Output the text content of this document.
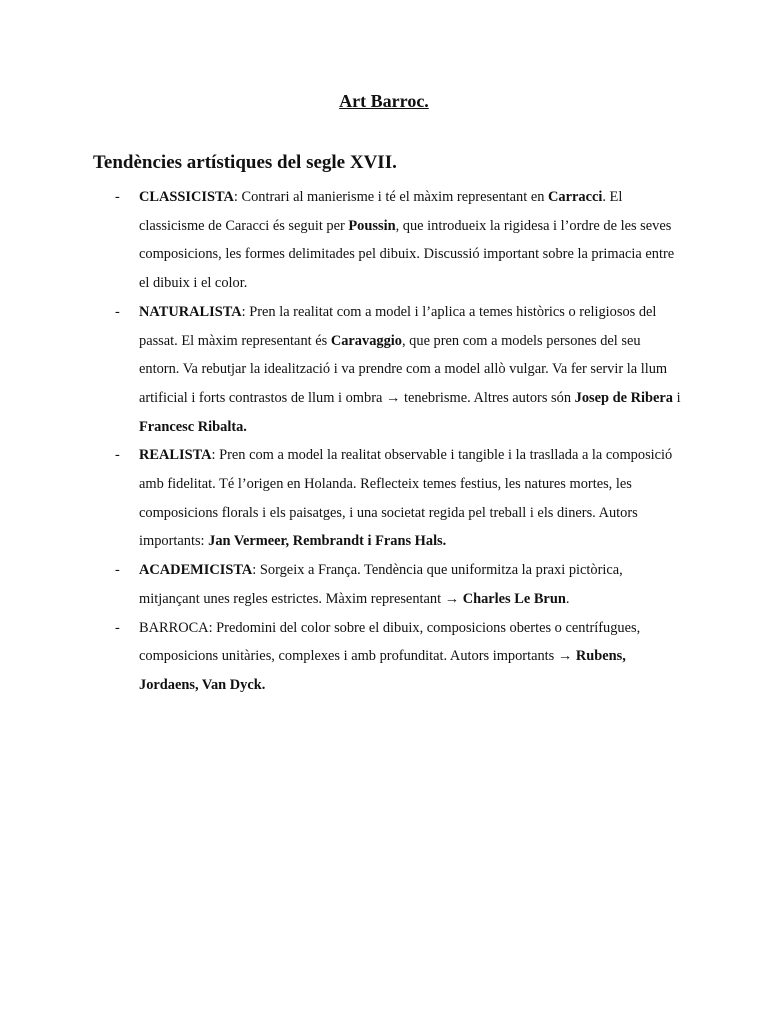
Art Barroc.
Tendències artístiques del segle XVII.
- CLASSICISTA: Contrari al manierisme i té el màxim representant en Carracci. El classicisme de Caracci és seguit per Poussin, que introdueix la rigidesa i l’ordre de les seves composicions, les formes delimitades pel dibuix. Discussió important sobre la primacia entre el dibuix i el color.
- NATURALISTA: Pren la realitat com a model i l’aplica a temes històrics o religiosos del passat. El màxim representant és Caravaggio, que pren com a models persones del seu entorn. Va rebutjar la idealització i va prendre com a model allò vulgar. Va fer servir la llum artificial i forts contrastos de llum i ombra → tenebrisme. Altres autors són Josep de Ribera i Francesc Ribalta.
- REALISTA: Pren com a model la realitat observable i tangible i la trasllada a la composició amb fidelitat. Té l’origen en Holanda. Reflecteix temes festius, les natures mortes, les composicions florals i els paisatges, i una societat regida pel treball i els diners. Autors importants: Jan Vermeer, Rembrandt i Frans Hals.
- ACADEMICISTA: Sorgeix a França. Tendència que uniformitza la praxi pictòrica, mitjançant unes regles estrictes. Màxim representant → Charles Le Brun.
- BARROCA: Predomini del color sobre el dibuix, composicions obertes o centrífugues, composicions unitàries, complexes i amb profunditat. Autors importants → Rubens, Jordaens, Van Dyck.
